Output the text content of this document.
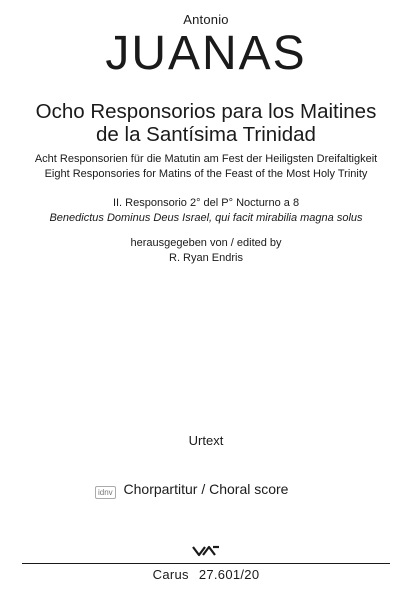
Antonio
JUANAS
Ocho Responsorios para los Maitines
de la Santísima Trinidad
Acht Responsorien für die Matutin am Fest der Heiligsten Dreifaltigkeit
Eight Responsories for Matins of the Feast of the Most Holy Trinity
II. Responsorio 2° del P° Nocturno a 8
Benedictus Dominus Deus Israel, qui facit mirabilia magna solus
herausgegeben von / edited by
R. Ryan Endris
Urtext
idnv Chorpartitur / Choral score
Carus 27.601/20
